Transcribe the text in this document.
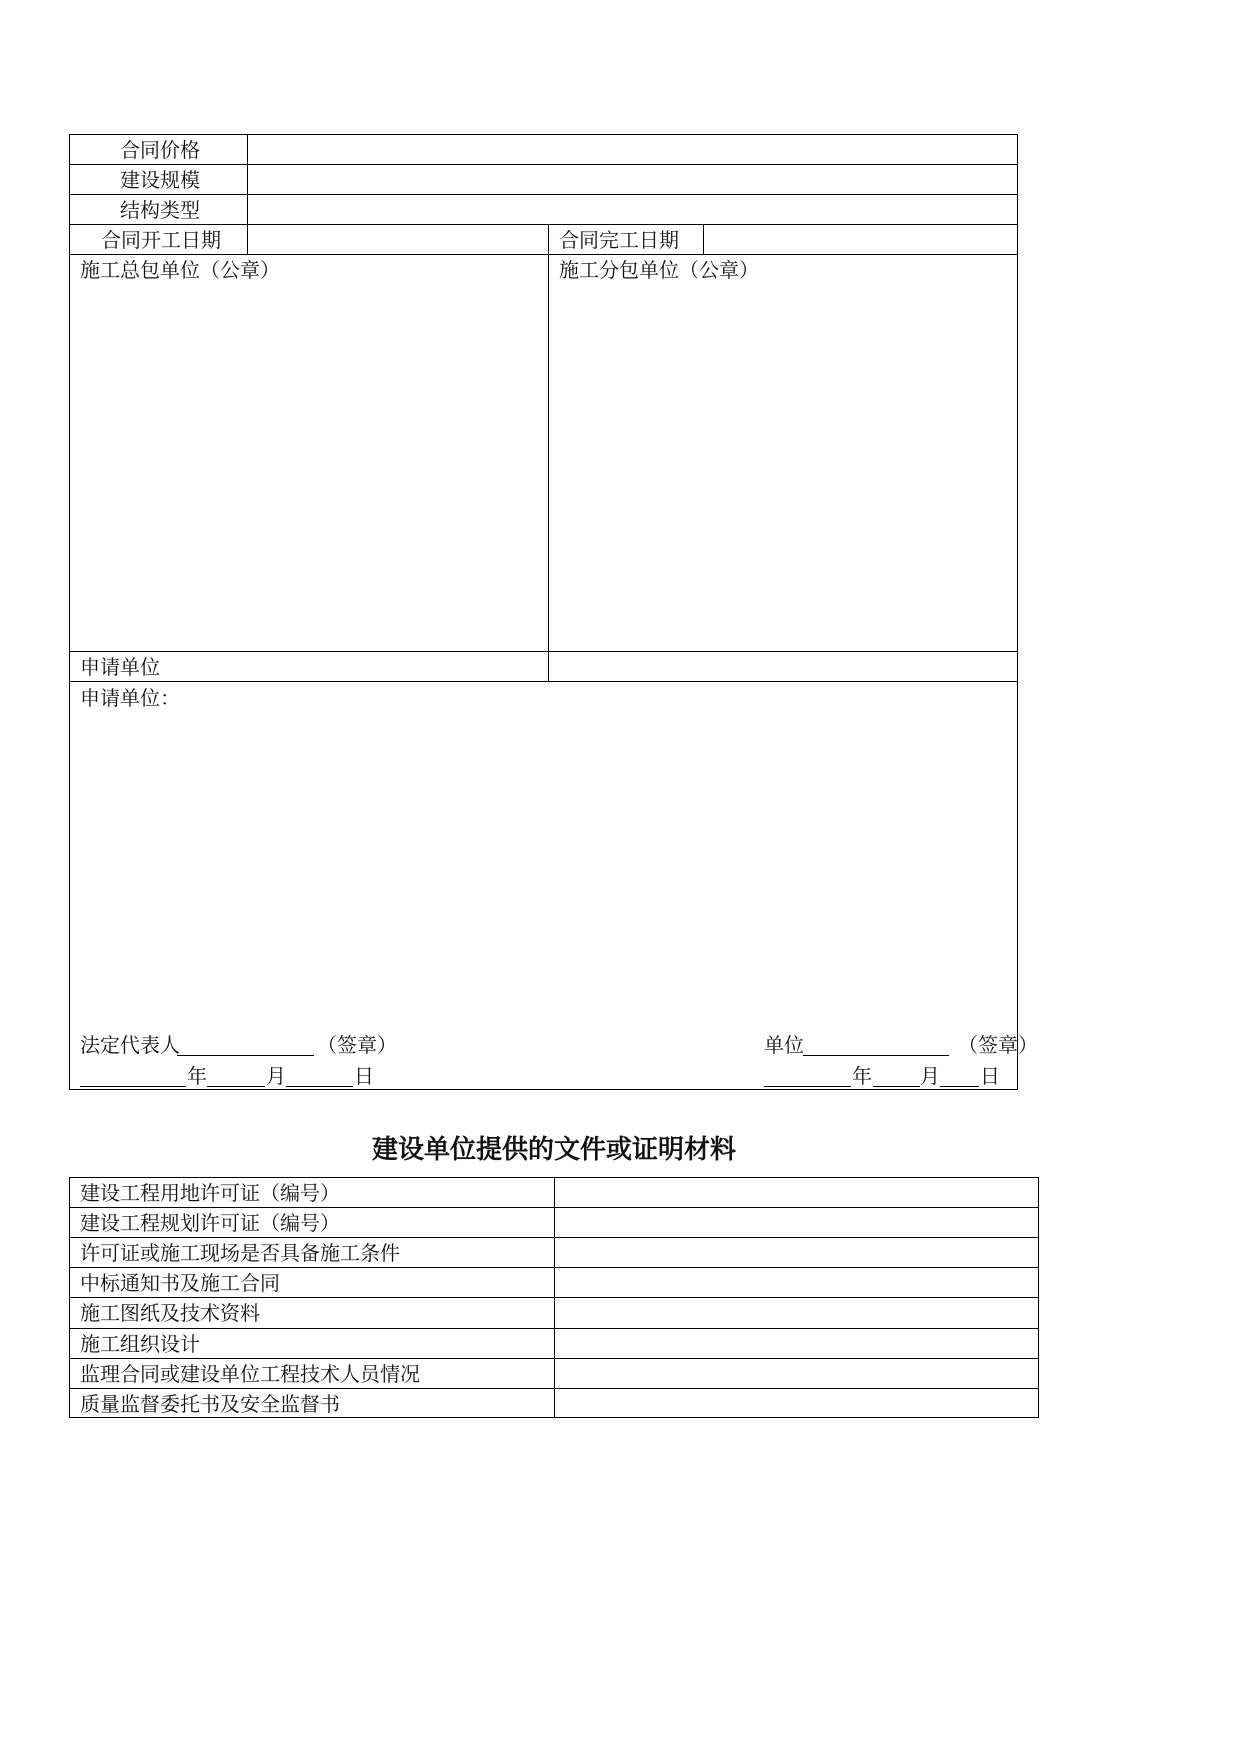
合同价格
建设规模
结构类型
合同开工日期	合同完工日期
施工总包单位（公章）	施工分包单位（公章）
申请单位
申请单位：
法定代表人	（签章）	单位	（签章）
年	月	日	年 月 日
建设单位提供的文件或证明材料
建设工程用地许可证（编号）
建设工程规划许可证（编号）
许可证或施工现场是否具备施工条件
中标通知书及施工合同
施工图纸及技术资料
施工组织设计
监理合同或建设单位工程技术人员情况
质量监督委托书及安全监督书
